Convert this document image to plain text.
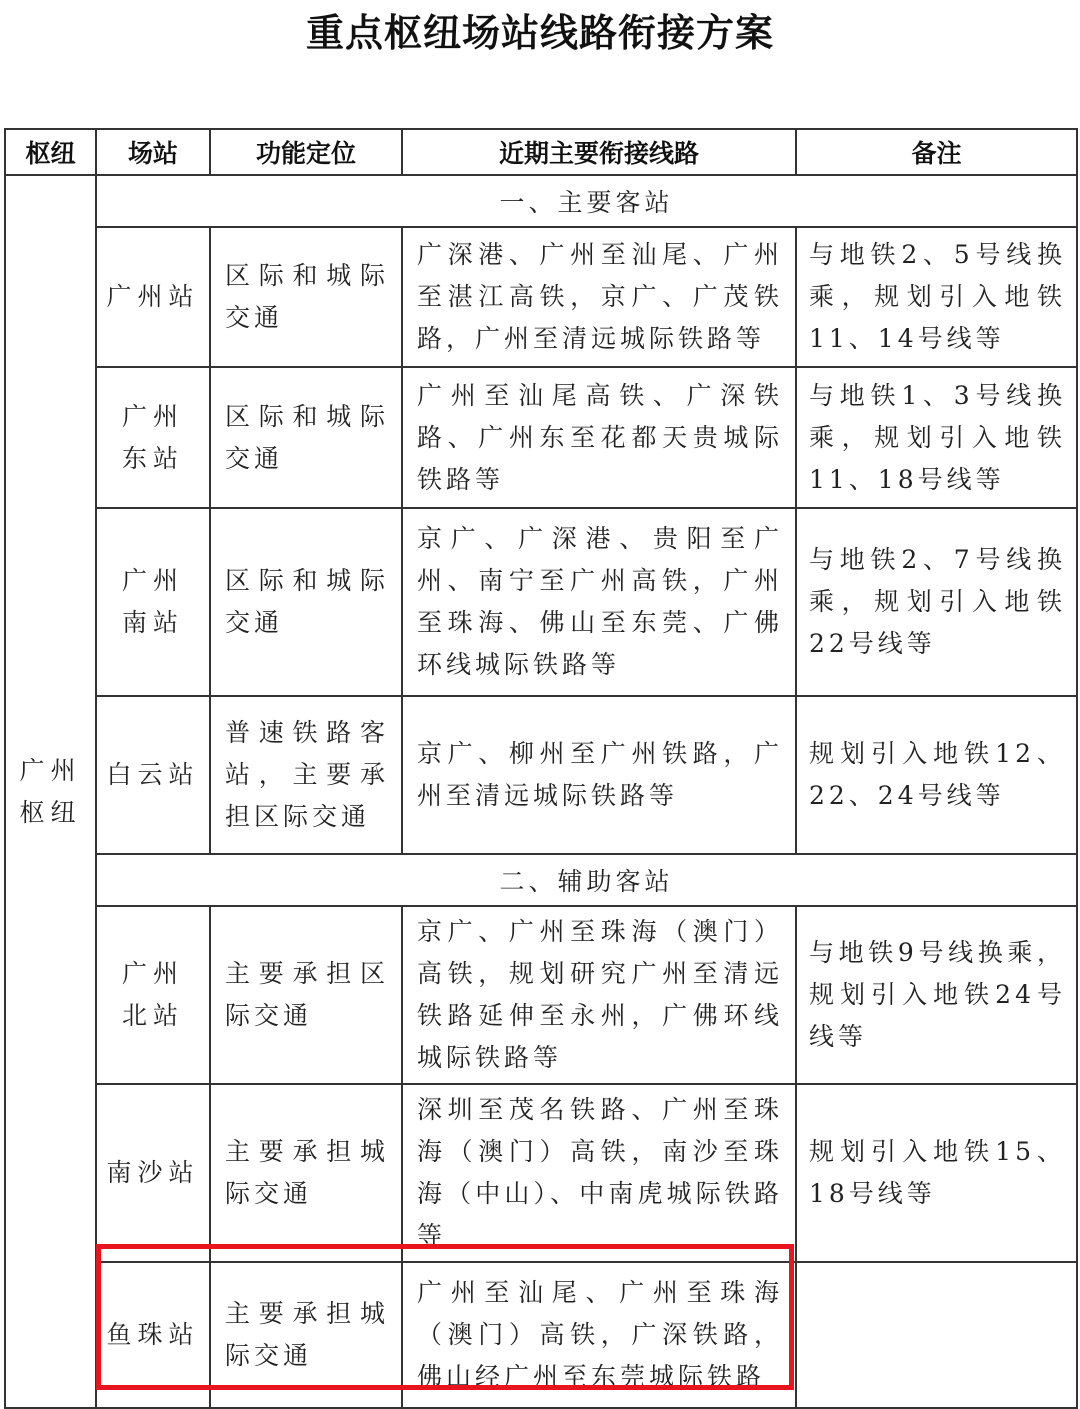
重点枢纽场站线路衔接方案
枢纽	场站	功能定位	近期主要衔接线路	备注
广州枢纽	一、主要客站			
	广州站	区际和城际交通	广深港、广州至汕尾、广州至湛江高铁，京广、广茂铁路，广州至清远城际铁路等	与地铁2、5号线换乘，规划引入地铁11、14号线等
	广州东站	区际和城际交通	广州至汕尾高铁、广深铁路、广州东至花都天贵城际铁路等	与地铁1、3号线换乘，规划引入地铁11、18号线等
	广州南站	区际和城际交通	京广、广深港、贵阳至广州、南宁至广州高铁，广州至珠海、佛山至东莞、广佛环线城际铁路等	与地铁2、7号线换乘，规划引入地铁22号线等
	白云站	普速铁路客站，主要承担区际交通	京广、柳州至广州铁路，广州至清远城际铁路等	规划引入地铁12、22、24号线等
	二、辅助客站			
	广州北站	主要承担区际交通	京广、广州至珠海（澳门）高铁，规划研究广州至清远铁路延伸至永州，广佛环线城际铁路等	与地铁9号线换乘，规划引入地铁24号线等
	南沙站	主要承担城际交通	深圳至茂名铁路、广州至珠海（澳门）高铁，南沙至珠海（中山）、中南虎城际铁路等	规划引入地铁15、18号线等
	鱼珠站	主要承担城际交通	广州至汕尾、广州至珠海（澳门）高铁，广深铁路，佛山经广州至东莞城际铁路	
